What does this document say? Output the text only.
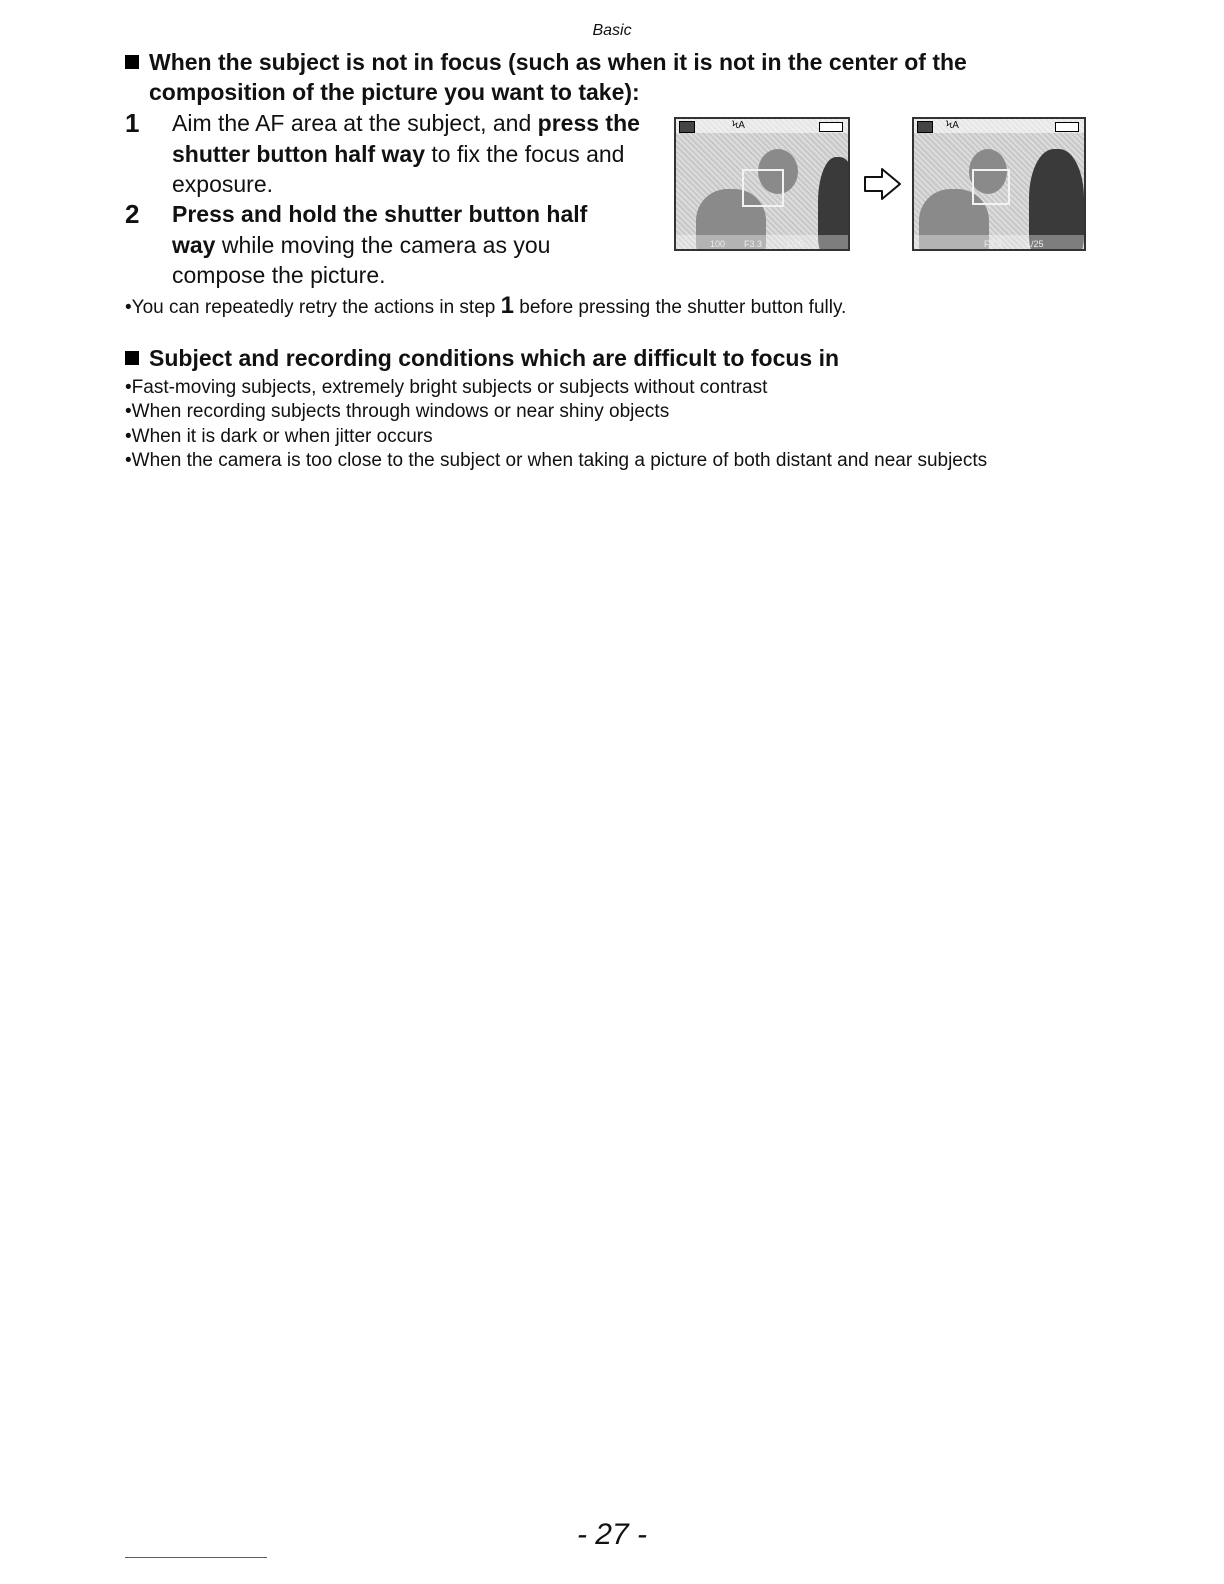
Basic
When the subject is not in focus (such as when it is not in the center of the
composition of the picture you want to take):
1 Aim the AF area at the subject, and press the shutter button half way to fix the focus and exposure.
2 Press and hold the shutter button half way while moving the camera as you compose the picture.
ϞA
100 F3.3	1/25
ϞA
F3.3	1/25
•You can repeatedly retry the actions in step 1 before pressing the shutter button fully.
Subject and recording conditions which are difficult to focus in
•Fast-moving subjects, extremely bright subjects or subjects without contrast
•When recording subjects through windows or near shiny objects
•When it is dark or when jitter occurs
•When the camera is too close to the subject or when taking a picture of both distant and near subjects
- 27 -
